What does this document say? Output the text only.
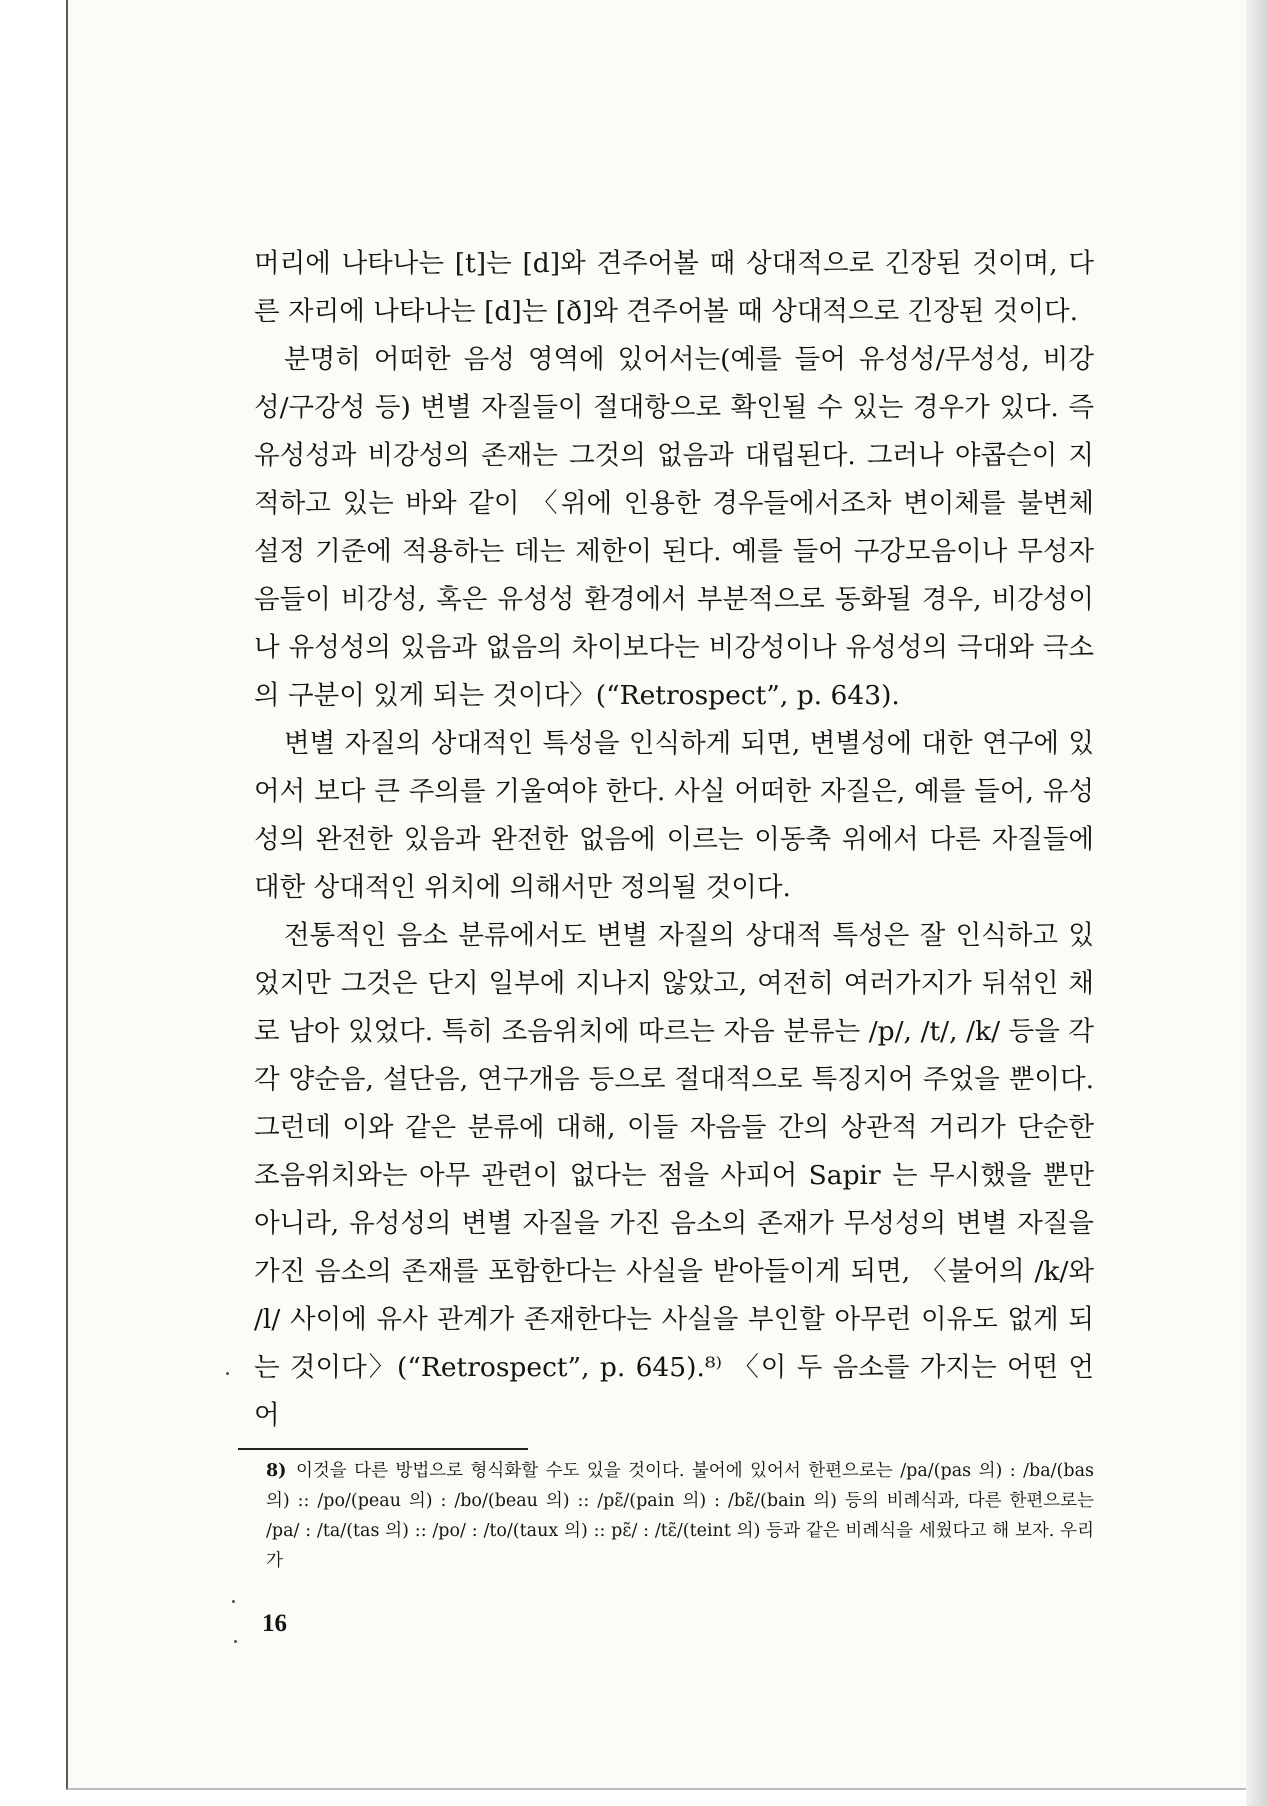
머리에 나타나는 [t]는 [d]와 견주어볼 때 상대적으로 긴장된 것이며, 다른 자리에 나타나는 [d]는 [ð]와 견주어볼 때 상대적으로 긴장된 것이다.

분명히 어떠한 음성 영역에 있어서는(예를 들어 유성성/무성성, 비강성/구강성 등) 변별 자질들이 절대항으로 확인될 수 있는 경우가 있다. 즉 유성성과 비강성의 존재는 그것의 없음과 대립된다. 그러나 야콥슨이 지적하고 있는 바와 같이 〈위에 인용한 경우들에서조차 변이체를 불변체 설정 기준에 적용하는 데는 제한이 된다. 예를 들어 구강모음이나 무성자음들이 비강성, 혹은 유성성 환경에서 부분적으로 동화될 경우, 비강성이나 유성성의 있음과 없음의 차이보다는 비강성이나 유성성의 극대와 극소의 구분이 있게 되는 것이다〉(“Retrospect”, p. 643).

변별 자질의 상대적인 특성을 인식하게 되면, 변별성에 대한 연구에 있어서 보다 큰 주의를 기울여야 한다. 사실 어떠한 자질은, 예를 들어, 유성성의 완전한 있음과 완전한 없음에 이르는 이동축 위에서 다른 자질들에 대한 상대적인 위치에 의해서만 정의될 것이다.

전통적인 음소 분류에서도 변별 자질의 상대적 특성은 잘 인식하고 있었지만 그것은 단지 일부에 지나지 않았고, 여전히 여러가지가 뒤섞인 채로 남아 있었다. 특히 조음위치에 따르는 자음 분류는 /p/, /t/, /k/ 등을 각각 양순음, 설단음, 연구개음 등으로 절대적으로 특징지어 주었을 뿐이다. 그런데 이와 같은 분류에 대해, 이들 자음들 간의 상관적 거리가 단순한 조음위치와는 아무 관련이 없다는 점을 사피어 Sapir 는 무시했을 뿐만 아니라, 유성성의 변별 자질을 가진 음소의 존재가 무성성의 변별 자질을 가진 음소의 존재를 포함한다는 사실을 받아들이게 되면, 〈불어의 /k/와 /l/ 사이에 유사 관계가 존재한다는 사실을 부인할 아무런 이유도 없게 되는 것이다〉(“Retrospect”, p. 645).⁸⁾ 〈이 두 음소를 가지는 어떤 언어

8) 이것을 다른 방법으로 형식화할 수도 있을 것이다. 불어에 있어서 한편으로는 /pa/(pas 의) : /ba/(bas 의) :: /po/(peau 의) : /bo/(beau 의) :: /pɛ̃/(pain 의) : /bɛ̃/(bain 의) 등의 비례식과, 다른 한편으로는 /pa/ : /ta/(tas 의) :: /po/ : /to/(taux 의) :: pɛ̃/ : /tɛ̃/(teint 의) 등과 같은 비례식을 세웠다고 해 보자. 우리가

16
